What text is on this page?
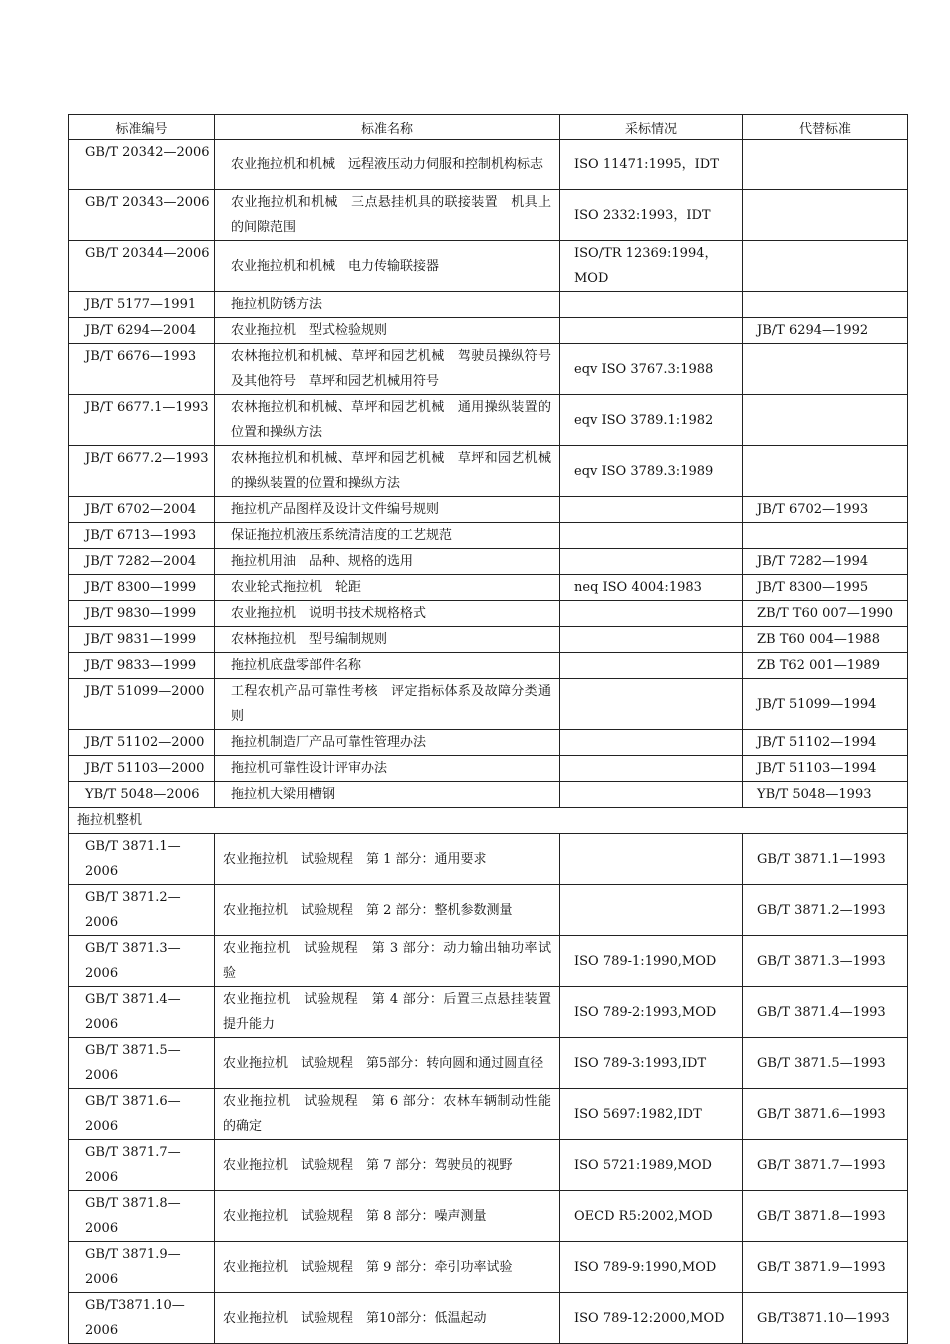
标准编号	标准名称	采标情况	代替标准
GB/T 20342—2006	农业拖拉机和机械　远程液压动力伺服和控制机构标志	ISO 11471:1995，IDT	
GB/T 20343—2006	农业拖拉机和机械　三点悬挂机具的联接装置　机具上的间隙范围	ISO 2332:1993，IDT	
GB/T 20344—2006	农业拖拉机和机械　电力传输联接器	ISO/TR 12369:1994，MOD	
JB/T 5177—1991	拖拉机防锈方法		
JB/T 6294—2004	农业拖拉机　型式检验规则		JB/T 6294—1992
JB/T 6676—1993	农林拖拉机和机械、草坪和园艺机械　驾驶员操纵符号及其他符号　草坪和园艺机械用符号	eqv ISO 3767.3:1988	
JB/T 6677.1—1993	农林拖拉机和机械、草坪和园艺机械　通用操纵装置的位置和操纵方法	eqv ISO 3789.1:1982	
JB/T 6677.2—1993	农林拖拉机和机械、草坪和园艺机械　草坪和园艺机械的操纵装置的位置和操纵方法	eqv ISO 3789.3:1989	
JB/T 6702—2004	拖拉机产品图样及设计文件编号规则		JB/T 6702—1993
JB/T 6713—1993	保证拖拉机液压系统清洁度的工艺规范		
JB/T 7282—2004	拖拉机用油　品种、规格的选用		JB/T 7282—1994
JB/T 8300—1999	农业轮式拖拉机　轮距	neq ISO 4004:1983	JB/T 8300—1995
JB/T 9830—1999	农业拖拉机　说明书技术规格格式		ZB/T T60 007—1990
JB/T 9831—1999	农林拖拉机　型号编制规则		ZB T60 004—1988
JB/T 9833—1999	拖拉机底盘零部件名称		ZB T62 001—1989
JB/T 51099—2000	工程农机产品可靠性考核　评定指标体系及故障分类通则		JB/T 51099—1994
JB/T 51102—2000	拖拉机制造厂产品可靠性管理办法		JB/T 51102—1994
JB/T 51103—2000	拖拉机可靠性设计评审办法		JB/T 51103—1994
YB/T 5048—2006	拖拉机大梁用槽钢		YB/T 5048—1993
拖拉机整机			
GB/T 3871.1—2006	农业拖拉机　试验规程　第 1 部分：通用要求		GB/T 3871.1—1993
GB/T 3871.2—2006	农业拖拉机　试验规程　第 2 部分：整机参数测量		GB/T 3871.2—1993
GB/T 3871.3—2006	农业拖拉机　试验规程　第 3 部分：动力输出轴功率试验	ISO 789-1:1990,MOD	GB/T 3871.3—1993
GB/T 3871.4—2006	农业拖拉机　试验规程　第 4 部分：后置三点悬挂装置提升能力	ISO 789-2:1993,MOD	GB/T 3871.4—1993
GB/T 3871.5—2006	农业拖拉机　试验规程　第5部分：转向圆和通过圆直径	ISO 789-3:1993,IDT	GB/T 3871.5—1993
GB/T 3871.6—2006	农业拖拉机　试验规程　第 6 部分：农林车辆制动性能的确定	ISO 5697:1982,IDT	GB/T 3871.6—1993
GB/T 3871.7—2006	农业拖拉机　试验规程　第 7 部分：驾驶员的视野	ISO 5721:1989,MOD	GB/T 3871.7—1993
GB/T 3871.8—2006	农业拖拉机　试验规程　第 8 部分：噪声测量	OECD R5:2002,MOD	GB/T 3871.8—1993
GB/T 3871.9—2006	农业拖拉机　试验规程　第 9 部分：牵引功率试验	ISO 789-9:1990,MOD	GB/T 3871.9—1993
GB/T3871.10—2006	农业拖拉机　试验规程　第10部分：低温起动	ISO 789-12:2000,MOD	GB/T3871.10—1993
